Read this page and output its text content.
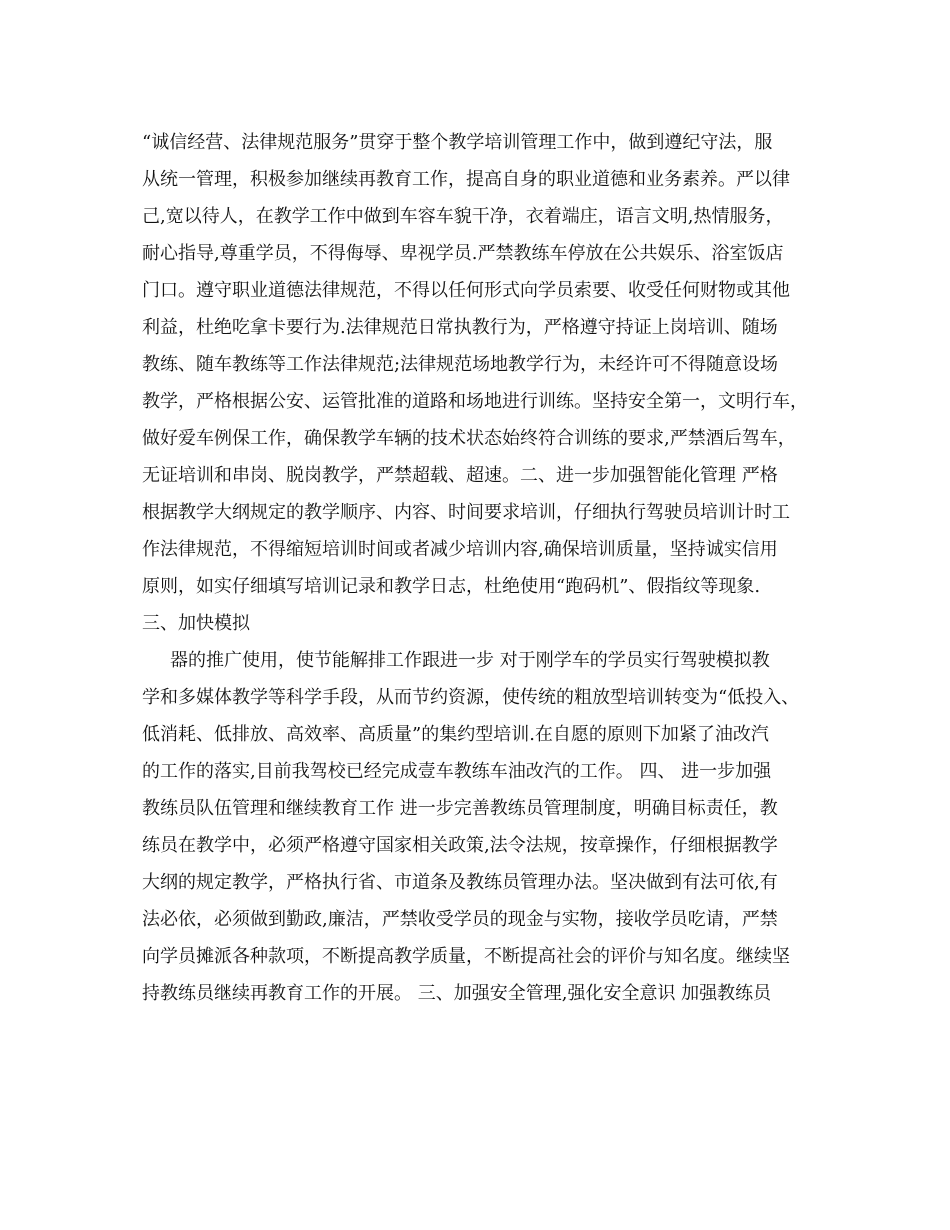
“诚信经营、法律规范服务”贯穿于整个教学培训管理工作中，做到遵纪守法，服
从统一管理，积极参加继续再教育工作，提高自身的职业道德和业务素养。严以律
己,宽以待人，在教学工作中做到车容车貌干净，衣着端庄，语言文明,热情服务，
耐心指导,尊重学员，不得侮辱、卑视学员.严禁教练车停放在公共娱乐、浴室饭店
门口。遵守职业道德法律规范，不得以任何形式向学员索要、收受任何财物或其他
利益，杜绝吃拿卡要行为.法律规范日常执教行为，严格遵守持证上岗培训、随场
教练、随车教练等工作法律规范;法律规范场地教学行为，未经许可不得随意设场
教学，严格根据公安、运管批准的道路和场地进行训练。坚持安全第一，文明行车，
做好爱车例保工作，确保教学车辆的技术状态始终符合训练的要求,严禁酒后驾车，
无证培训和串岗、脱岗教学，严禁超载、超速。二、进一步加强智能化管理 严格
根据教学大纲规定的教学顺序、内容、时间要求培训，仔细执行驾驶员培训计时工
作法律规范，不得缩短培训时间或者减少培训内容,确保培训质量，坚持诚实信用
原则，如实仔细填写培训记录和教学日志，杜绝使用“跑码机”、假指纹等现象.
三、加快模拟
器的推广使用，使节能解排工作跟进一步 对于刚学车的学员实行驾驶模拟教
学和多媒体教学等科学手段，从而节约资源，使传统的粗放型培训转变为“低投入、
低消耗、低排放、高效率、高质量”的集约型培训.在自愿的原则下加紧了油改汽
的工作的落实,目前我驾校已经完成壹车教练车油改汽的工作。 四、 进一步加强
教练员队伍管理和继续教育工作 进一步完善教练员管理制度，明确目标责任，教
练员在教学中，必须严格遵守国家相关政策,法令法规，按章操作，仔细根据教学
大纲的规定教学，严格执行省、市道条及教练员管理办法。坚决做到有法可依,有
法必依，必须做到勤政,廉洁，严禁收受学员的现金与实物，接收学员吃请，严禁
向学员摊派各种款项，不断提高教学质量，不断提高社会的评价与知名度。继续坚
持教练员继续再教育工作的开展。 三、加强安全管理,强化安全意识 加强教练员
